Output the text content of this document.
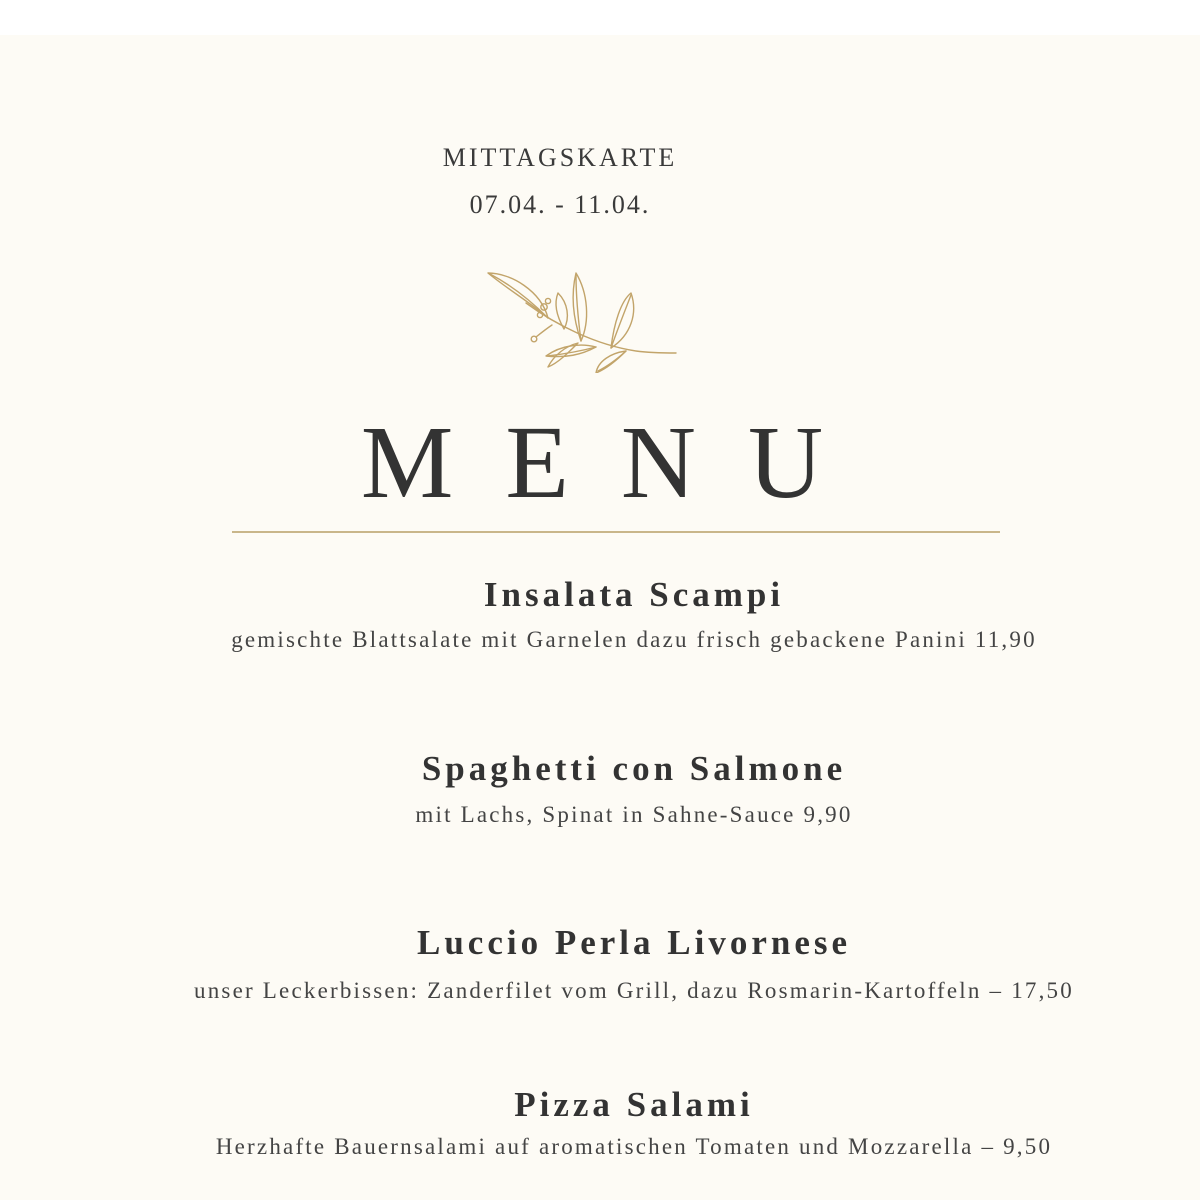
MITTAGSKARTE
07.04. - 11.04.
MENU
Insalata Scampi
gemischte Blattsalate mit Garnelen dazu frisch gebackene Panini 11,90
Spaghetti con Salmone
mit Lachs, Spinat in Sahne-Sauce 9,90
Luccio Perla Livornese
unser Leckerbissen: Zanderfilet vom Grill, dazu Rosmarin-Kartoffeln – 17,50
Pizza Salami
Herzhafte Bauernsalami auf aromatischen Tomaten und Mozzarella – 9,50
